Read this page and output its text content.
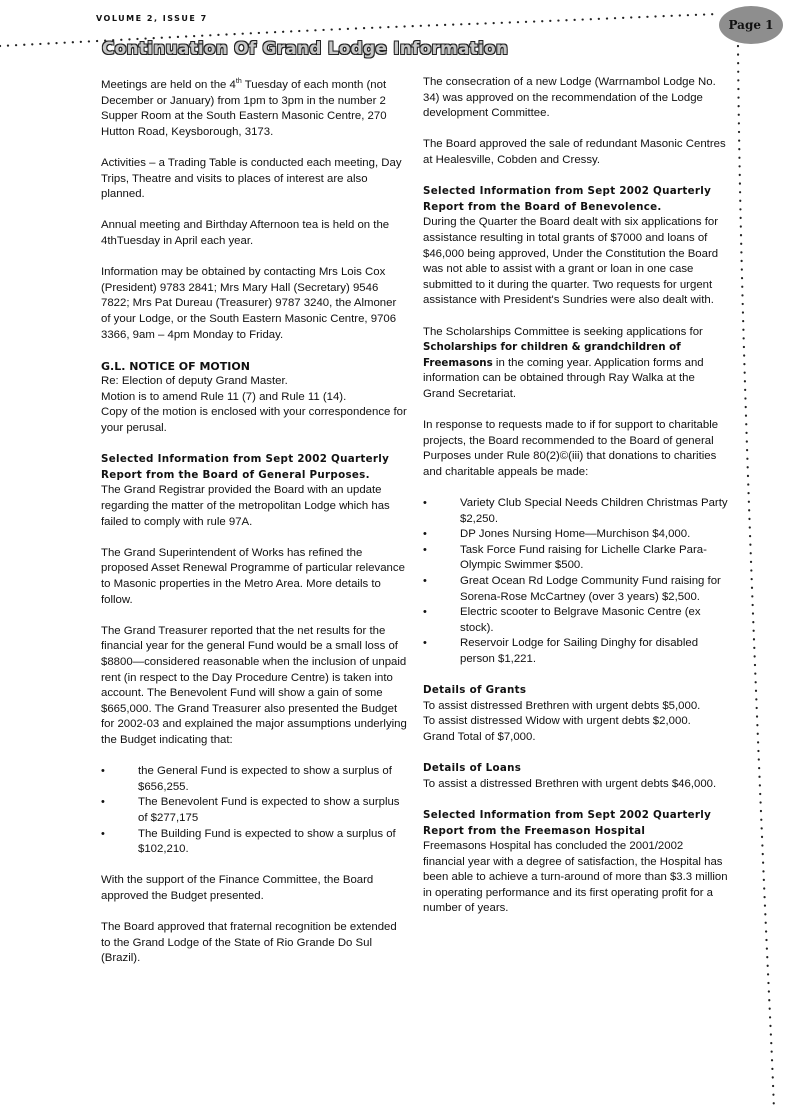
VOLUME 2, ISSUE 7	Page 1
Continuation Of Grand Lodge Information

Meetings are held on the 4th Tuesday of each month (not December or January) from 1pm to 3pm in the number 2 Supper Room at the South Eastern Masonic Centre, 270 Hutton Road, Keysborough, 3173.

Activities – a Trading Table is conducted each meeting, Day Trips, Theatre and visits to places of interest are also planned.

Annual meeting and Birthday Afternoon tea is held on the 4thTuesday in April each year.

Information may be obtained by contacting Mrs Lois Cox (President) 9783 2841; Mrs Mary Hall (Secretary) 9546 7822; Mrs Pat Dureau (Treasurer) 9787 3240, the Almoner of your Lodge, or the South Eastern Masonic Centre, 9706 3366, 9am – 4pm Monday to Friday.

G.L. NOTICE OF MOTION

Re: Election of deputy Grand Master.
Motion is to amend Rule 11 (7) and Rule 11 (14).
Copy of the motion is enclosed with your correspondence for your perusal.

Selected Information from Sept 2002 Quarterly Report from the Board of General Purposes.

The Grand Registrar provided the Board with an update regarding the matter of the metropolitan Lodge which has failed to comply with rule 97A.

The Grand Superintendent of Works has refined the proposed Asset Renewal Programme of particular relevance to Masonic properties in the Metro Area. More details to follow.

The Grand Treasurer reported that the net results for the financial year for the general Fund would be a small loss of $8800—considered reasonable when the inclusion of unpaid rent (in respect to the Day Procedure Centre) is taken into account. The Benevolent Fund will show a gain of some $665,000. The Grand Treasurer also presented the Budget for 2002-03 and explained the major assumptions underlying the Budget indicating that:

• the General Fund is expected to show a surplus of $656,255.
• The Benevolent Fund is expected to show a surplus of $277,175
• The Building Fund is expected to show a surplus of $102,210.

With the support of the Finance Committee, the Board approved the Budget presented.

The Board approved that fraternal recognition be extended to the Grand Lodge of the State of Rio Grande Do Sul (Brazil).

The consecration of a new Lodge (Warrnambol Lodge No. 34) was approved on the recommendation of the Lodge development Committee.

The Board approved the sale of redundant Masonic Centres at Healesville, Cobden and Cressy.

Selected Information from Sept 2002 Quarterly Report from the Board of Benevolence.

During the Quarter the Board dealt with six applications for assistance resulting in total grants of $7000 and loans of $46,000 being approved, Under the Constitution the Board was not able to assist with a grant or loan in one case submitted to it during the quarter. Two requests for urgent assistance with President's Sundries were also dealt with.

The Scholarships Committee is seeking applications for Scholarships for children & grandchildren of Freemasons in the coming year. Application forms and information can be obtained through Ray Walka at the Grand Secretariat.

In response to requests made to if for support to charitable projects, the Board recommended to the Board of general Purposes under Rule 80(2)©(iii) that donations to charities and charitable appeals be made:

• Variety Club Special Needs Children Christmas Party $2,250.
• DP Jones Nursing Home—Murchison $4,000.
• Task Force Fund raising for Lichelle Clarke Para-Olympic Swimmer $500.
• Great Ocean Rd Lodge Community Fund raising for Sorena-Rose McCartney (over 3 years) $2,500.
• Electric scooter to Belgrave Masonic Centre (ex stock).
• Reservoir Lodge for Sailing Dinghy for disabled person $1,221.
Details of Grants

To assist distressed Brethren with urgent debts $5,000.
To assist distressed Widow with urgent debts $2,000.
Grand Total of $7,000.

Details of Loans

To assist a distressed Brethren with urgent debts $46,000.

Selected Information from Sept 2002 Quarterly Report from the Freemason Hospital

Freemasons Hospital has concluded the 2001/2002 financial year with a degree of satisfaction, the Hospital has been able to achieve a turn-around of more than $3.3 million in operating performance and its first operating profit for a number of years.
